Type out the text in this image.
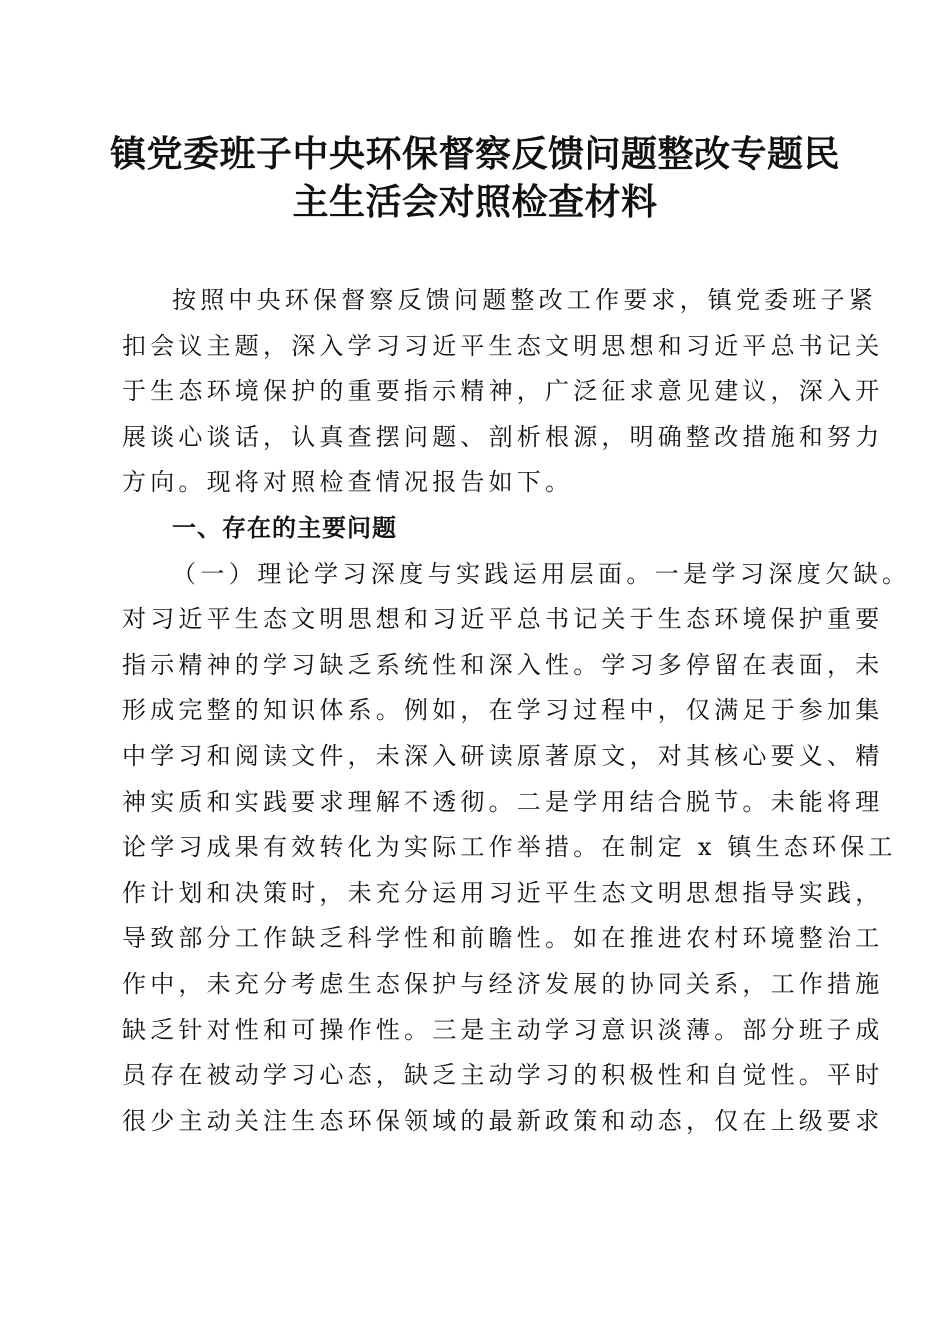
镇党委班子中央环保督察反馈问题整改专题民
主生活会对照检查材料
按照中央环保督察反馈问题整改工作要求，镇党委班子紧
扣会议主题，深入学习习近平生态文明思想和习近平总书记关
于生态环境保护的重要指示精神，广泛征求意见建议，深入开
展谈心谈话，认真查摆问题、剖析根源，明确整改措施和努力
方向。现将对照检查情况报告如下。
一、存在的主要问题
（一）理论学习深度与实践运用层面。一是学习深度欠缺。
对习近平生态文明思想和习近平总书记关于生态环境保护重要
指示精神的学习缺乏系统性和深入性。学习多停留在表面，未
形成完整的知识体系。例如，在学习过程中，仅满足于参加集
中学习和阅读文件，未深入研读原著原文，对其核心要义、精
神实质和实践要求理解不透彻。二是学用结合脱节。未能将理
论学习成果有效转化为实际工作举措。在制定 x 镇生态环保工
作计划和决策时，未充分运用习近平生态文明思想指导实践，
导致部分工作缺乏科学性和前瞻性。如在推进农村环境整治工
作中，未充分考虑生态保护与经济发展的协同关系，工作措施
缺乏针对性和可操作性。三是主动学习意识淡薄。部分班子成
员存在被动学习心态，缺乏主动学习的积极性和自觉性。平时
很少主动关注生态环保领域的最新政策和动态，仅在上级要求
